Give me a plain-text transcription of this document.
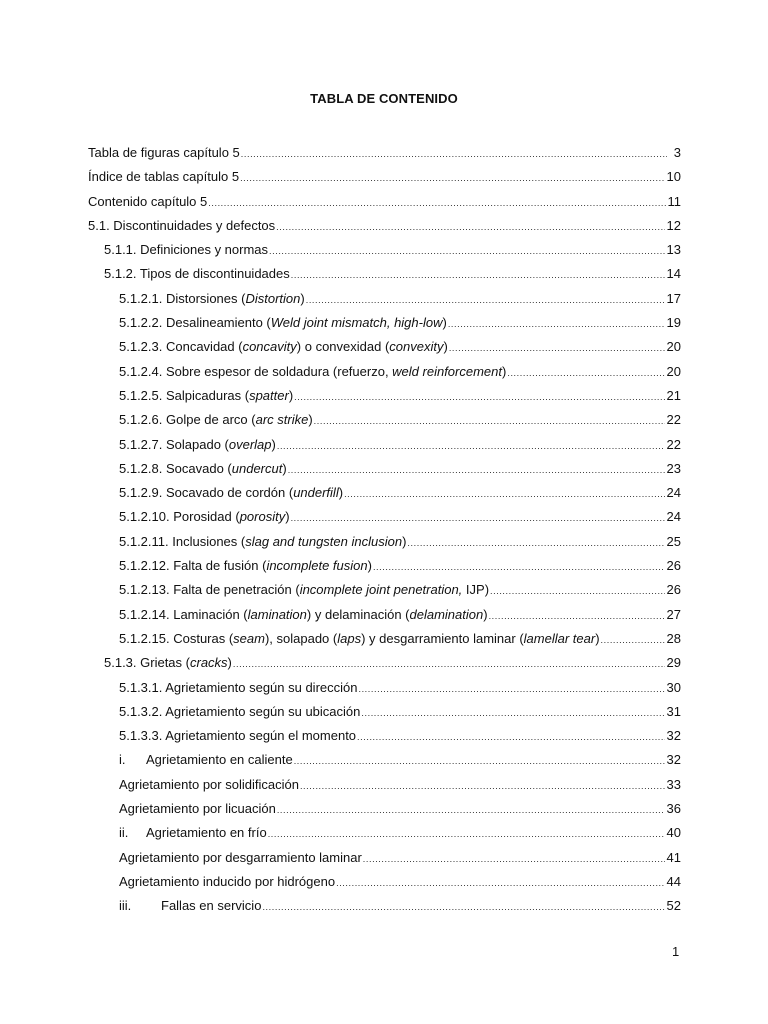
TABLA DE CONTENIDO
Tabla de figuras capítulo 5 .....	3
Índice de tablas capítulo 5 .....	10
Contenido capítulo 5 .....	11
5.1. Discontinuidades y defectos .....	12
5.1.1. Definiciones y normas .....	13
5.1.2. Tipos de discontinuidades .....	14
5.1.2.1. Distorsiones (Distortion) .....	17
5.1.2.2. Desalineamiento (Weld joint mismatch, high-low) .....	19
5.1.2.3. Concavidad (concavity) o convexidad (convexity) .....	20
5.1.2.4. Sobre espesor de soldadura (refuerzo, weld reinforcement) .....	20
5.1.2.5. Salpicaduras (spatter) .....	21
5.1.2.6. Golpe de arco (arc strike) .....	22
5.1.2.7. Solapado (overlap) .....	22
5.1.2.8. Socavado (undercut) .....	23
5.1.2.9. Socavado de cordón (underfill) .....	24
5.1.2.10. Porosidad (porosity) .....	24
5.1.2.11. Inclusiones (slag and tungsten inclusion) .....	25
5.1.2.12. Falta de fusión (incomplete fusion) .....	26
5.1.2.13. Falta de penetración (incomplete joint penetration, IJP) .....	26
5.1.2.14. Laminación (lamination) y delaminación (delamination) .....	27
5.1.2.15. Costuras (seam), solapado (laps) y desgarramiento laminar (lamellar tear) .....	28
5.1.3. Grietas (cracks) .....	29
5.1.3.1. Agrietamiento según su dirección .....	30
5.1.3.2. Agrietamiento según su ubicación .....	31
5.1.3.3. Agrietamiento según el momento .....	32
i. Agrietamiento en caliente .....	32
Agrietamiento por solidificación .....	33
Agrietamiento por licuación .....	36
ii. Agrietamiento en frío .....	40
Agrietamiento por desgarramiento laminar .....	41
Agrietamiento inducido por hidrógeno .....	44
iii. Fallas en servicio .....	52
1
